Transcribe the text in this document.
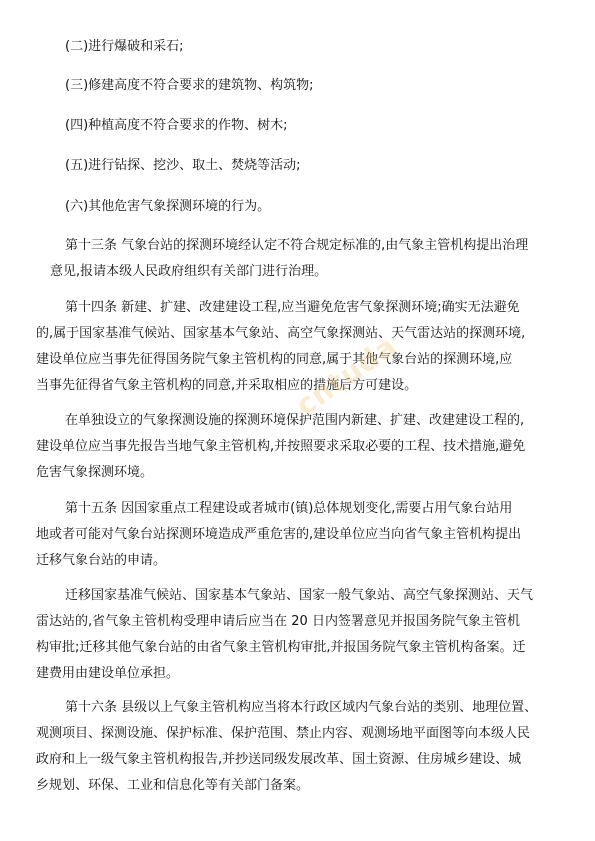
(二)进行爆破和采石;
(三)修建高度不符合要求的建筑物、构筑物;
(四)种植高度不符合要求的作物、树木;
(五)进行钻探、挖沙、取土、焚烧等活动;
(六)其他危害气象探测环境的行为。
第十三条 气象台站的探测环境经认定不符合规定标准的,由气象主管机构提出治理
意见,报请本级人民政府组织有关部门进行治理。
第十四条 新建、扩建、改建建设工程,应当避免危害气象探测环境;确实无法避免
的,属于国家基准气候站、国家基本气象站、高空气象探测站、天气雷达站的探测环境,
建设单位应当事先征得国务院气象主管机构的同意,属于其他气象台站的探测环境,应
当事先征得省气象主管机构的同意,并采取相应的措施后方可建设。
在单独设立的气象探测设施的探测环境保护范围内新建、扩建、改建建设工程的,
建设单位应当事先报告当地气象主管机构,并按照要求采取必要的工程、技术措施,避免
危害气象探测环境。
第十五条 因国家重点工程建设或者城市(镇)总体规划变化,需要占用气象台站用
地或者可能对气象台站探测环境造成严重危害的,建设单位应当向省气象主管机构提出
迁移气象台站的申请。
迁移国家基准气候站、国家基本气象站、国家一般气象站、高空气象探测站、天气
雷达站的,省气象主管机构受理申请后应当在 20 日内签署意见并报国务院气象主管机
构审批;迁移其他气象台站的由省气象主管机构审批,并报国务院气象主管机构备案。迁
建费用由建设单位承担。
第十六条 县级以上气象主管机构应当将本行政区域内气象台站的类别、地理位置、
观测项目、探测设施、保护标准、保护范围、禁止内容、观测场地平面图等向本级人民
政府和上一级气象主管机构报告,并抄送同级发展改革、国土资源、住房城乡建设、城
乡规划、环保、工业和信息化等有关部门备案。
cntuda
